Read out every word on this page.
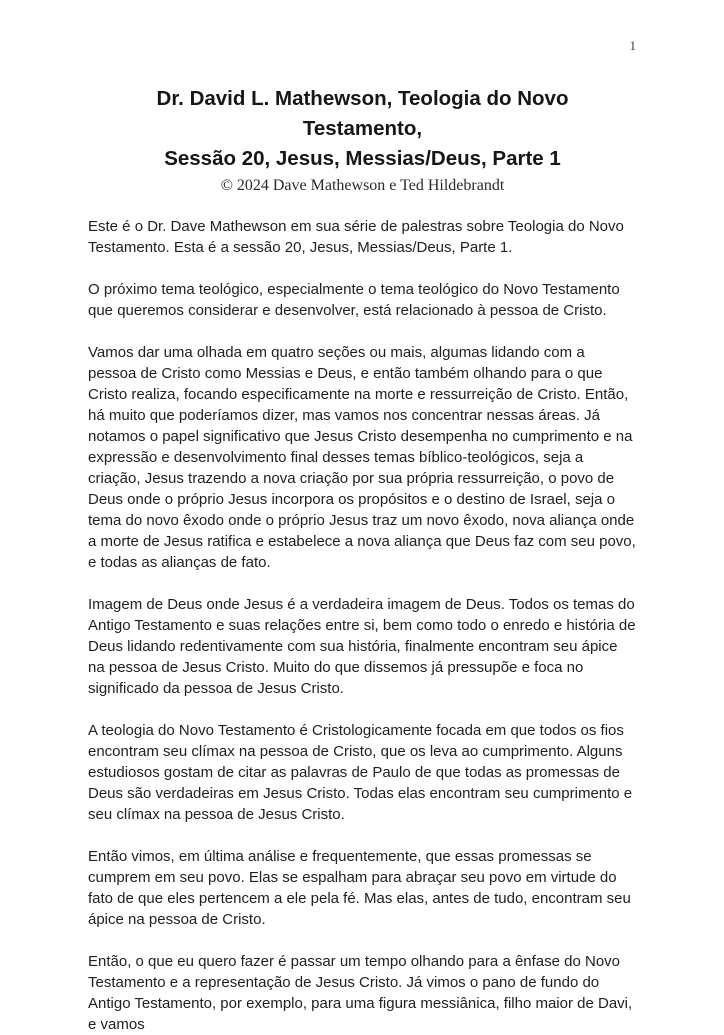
1
Dr. David L. Mathewson, Teologia do Novo Testamento,
Sessão 20, Jesus, Messias/Deus, Parte 1
© 2024 Dave Mathewson e Ted Hildebrandt

Este é o Dr. Dave Mathewson em sua série de palestras sobre Teologia do Novo Testamento. Esta é a sessão 20, Jesus, Messias/Deus, Parte 1.

O próximo tema teológico, especialmente o tema teológico do Novo Testamento que queremos considerar e desenvolver, está relacionado à pessoa de Cristo.

Vamos dar uma olhada em quatro seções ou mais, algumas lidando com a pessoa de Cristo como Messias e Deus, e então também olhando para o que Cristo realiza, focando especificamente na morte e ressurreição de Cristo. Então, há muito que poderíamos dizer, mas vamos nos concentrar nessas áreas. Já notamos o papel significativo que Jesus Cristo desempenha no cumprimento e na expressão e desenvolvimento final desses temas bíblico-teológicos, seja a criação, Jesus trazendo a nova criação por sua própria ressurreição, o povo de Deus onde o próprio Jesus incorpora os propósitos e o destino de Israel, seja o tema do novo êxodo onde o próprio Jesus traz um novo êxodo, nova aliança onde a morte de Jesus ratifica e estabelece a nova aliança que Deus faz com seu povo, e todas as alianças de fato.

Imagem de Deus onde Jesus é a verdadeira imagem de Deus. Todos os temas do Antigo Testamento e suas relações entre si, bem como todo o enredo e história de Deus lidando redentivamente com sua história, finalmente encontram seu ápice na pessoa de Jesus Cristo. Muito do que dissemos já pressupõe e foca no significado da pessoa de Jesus Cristo.

A teologia do Novo Testamento é Cristologicamente focada em que todos os fios encontram seu clímax na pessoa de Cristo, que os leva ao cumprimento. Alguns estudiosos gostam de citar as palavras de Paulo de que todas as promessas de Deus são verdadeiras em Jesus Cristo. Todas elas encontram seu cumprimento e seu clímax na pessoa de Jesus Cristo.

Então vimos, em última análise e frequentemente, que essas promessas se cumprem em seu povo. Elas se espalham para abraçar seu povo em virtude do fato de que eles pertencem a ele pela fé. Mas elas, antes de tudo, encontram seu ápice na pessoa de Cristo.

Então, o que eu quero fazer é passar um tempo olhando para a ênfase do Novo Testamento e a representação de Jesus Cristo. Já vimos o pano de fundo do Antigo Testamento, por exemplo, para uma figura messiânica, filho maior de Davi, e vamos
